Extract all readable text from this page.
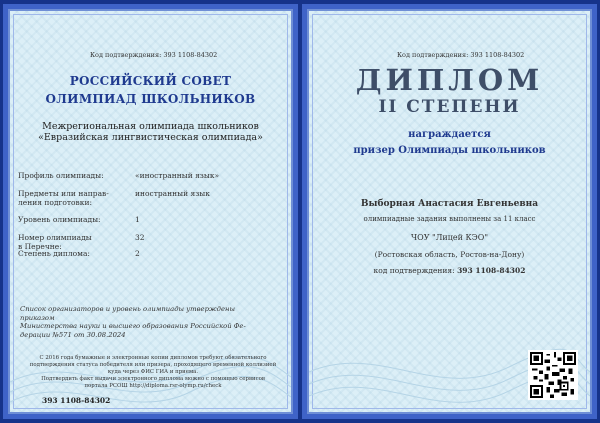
Код подтверждения: 393 1108-84302
РОССИЙСКИЙ СОВЕТ
ОЛИМПИАД ШКОЛЬНИКОВ
Межрегиональная олимпиада школьников
«Евразийская лингвистическая олимпиада»
Профиль олимпиады:	«иностранный язык»
Предметы или направ-
ления подготовки:
иностранный язык
Уровень олимпиады:	1
Номер олимпиады
в Перечне:
32
Степень диплома:	2
Список организаторов и уровень олимпиады утверждены
приказом
Министерства науки и высшего образования Российской Фе-
дерации №571 от 30.08.2024
С 2016 года бумажные и электронные копии дипломов требуют обязательного
подтверждения статуса победителя или призера, проходящего временной коллизией
куда через ФИС ГИА и приема.
Подтвердить факт выдачи электронного диплома можно с помощью сервисов
портала РСОШ http://diploma.rsr-olymp.ru/check
393 1108-84302
Код подтверждения: 393 1108-84302
ДИПЛОМ
II СТЕПЕНИ
награждается
призер Олимпиады школьников
Выборная Анастасия Евгеньевна
олимпиадные задания выполнены за 11 класс
ЧОУ "Лицей КЭО"
(Ростовская область, Ростов-на-Дону)
код подтверждения: 393 1108-84302
